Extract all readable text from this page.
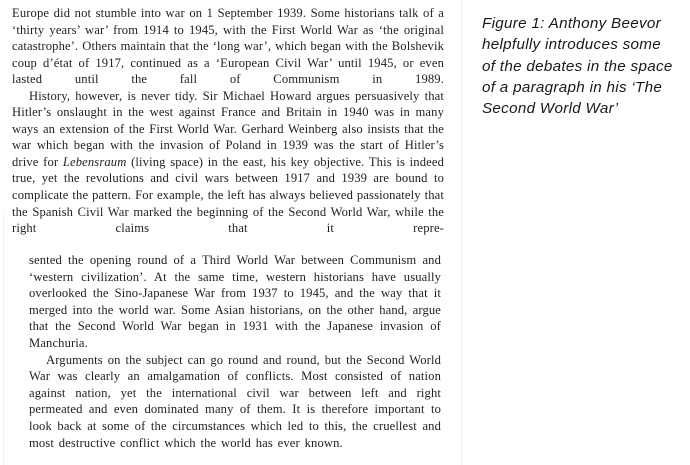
Europe did not stumble into war on 1 September 1939. Some historians talk of a ‘thirty years’ war’ from 1914 to 1945, with the First World War as ‘the original catastrophe’. Others maintain that the ‘long war’, which began with the Bolshevik coup d’état of 1917, continued as a ‘European Civil War’ until 1945, or even lasted until the fall of Communism in 1989.

History, however, is never tidy. Sir Michael Howard argues persuasively that Hitler’s onslaught in the west against France and Britain in 1940 was in many ways an extension of the First World War. Gerhard Weinberg also insists that the war which began with the invasion of Poland in 1939 was the start of Hitler’s drive for Lebensraum (living space) in the east, his key objective. This is indeed true, yet the revolutions and civil wars between 1917 and 1939 are bound to complicate the pattern. For example, the left has always believed passionately that the Spanish Civil War marked the beginning of the Second World War, while the right claims that it repre-

sented the opening round of a Third World War between Communism and ‘western civilization’. At the same time, western historians have usually overlooked the Sino-Japanese War from 1937 to 1945, and the way that it merged into the world war. Some Asian historians, on the other hand, argue that the Second World War began in 1931 with the Japanese invasion of Manchuria.

Arguments on the subject can go round and round, but the Second World War was clearly an amalgamation of conflicts. Most consisted of nation against nation, yet the international civil war between left and right permeated and even dominated many of them. It is therefore important to look back at some of the circumstances which led to this, the cruellest and most destructive conflict which the world has ever known.

Figure 1: Anthony Beevor helpfully introduces some of the debates in the space of a paragraph in his ‘The Second World War’
